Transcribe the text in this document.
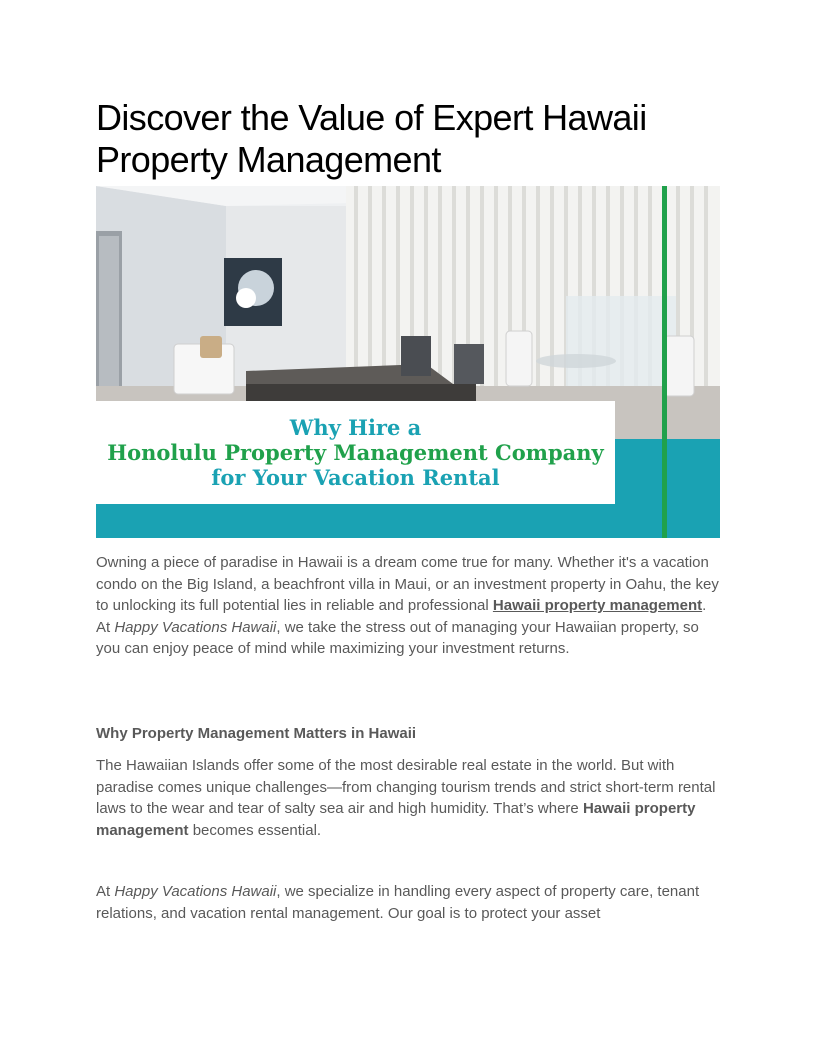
Discover the Value of Expert Hawaii Property Management

Why Hire a

Honolulu Property Management Company

for Your Vacation Rental

Owning a piece of paradise in Hawaii is a dream come true for many. Whether it's a vacation condo on the Big Island, a beachfront villa in Maui, or an investment property in Oahu, the key to unlocking its full potential lies in reliable and professional Hawaii property management. At Happy Vacations Hawaii, we take the stress out of managing your Hawaiian property, so you can enjoy peace of mind while maximizing your investment returns.

Why Property Management Matters in Hawaii

The Hawaiian Islands offer some of the most desirable real estate in the world. But with paradise comes unique challenges—from changing tourism trends and strict short-term rental laws to the wear and tear of salty sea air and high humidity. That’s where Hawaii property management becomes essential.

At Happy Vacations Hawaii, we specialize in handling every aspect of property care, tenant relations, and vacation rental management. Our goal is to protect your asset
